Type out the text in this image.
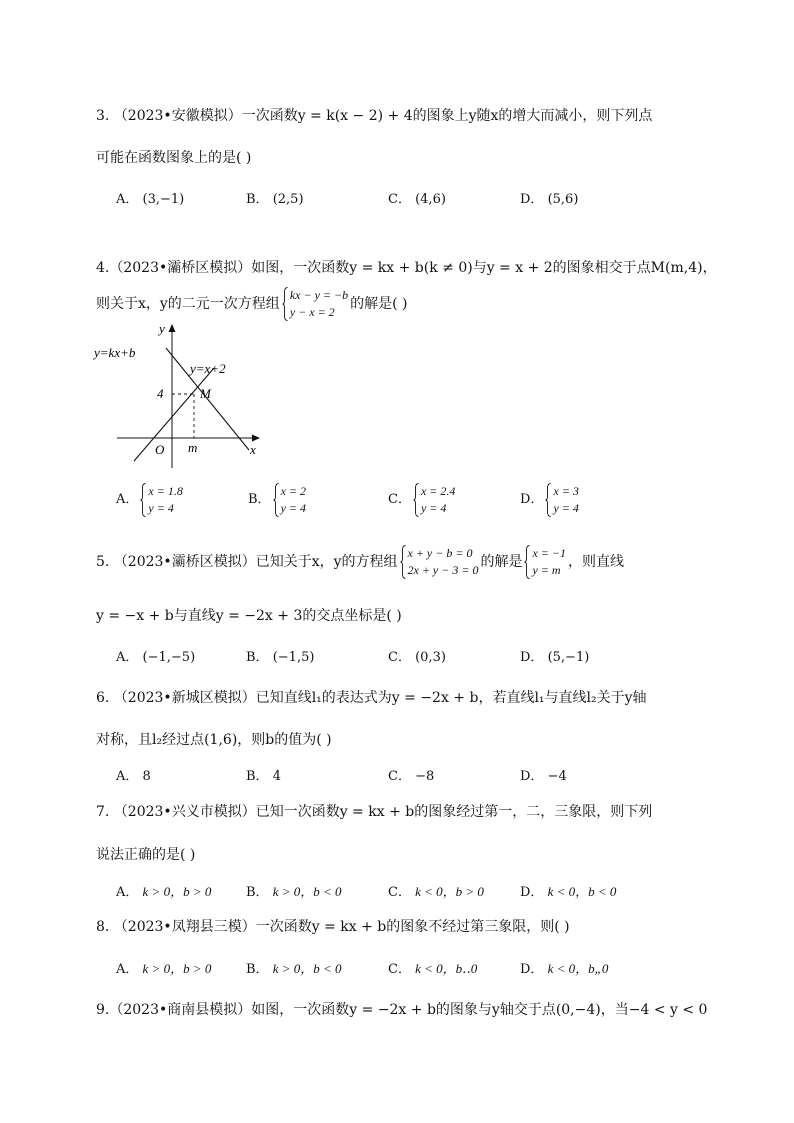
3. （2023•安徽模拟）一次函数y = k(x − 2) + 4的图象上y随x的增大而减小，则下列点
可能在函数图象上的是( )
A． (3,−1)	B． (2,5)	C． (4,6)	D． (5,6)
4.（2023•灞桥区模拟）如图，一次函数y = kx + b(k ≠ 0)与y = x + 2的图象相交于点M(m,4)，
则关于x，y的二元一次方程组
kx − y = −b
y − x = 2	的解是( )
y=kx+b
y=x+2
y
x
O
4
m
M
A．
x = 1.8
y = 4
B．
x = 2
y = 4
C．
x = 2.4
y = 4
D．
x = 3
y = 4
5. （2023•灞桥区模拟）已知关于x，y的方程组
x + y − b = 0
2x + y − 3 = 0 的解是
x = −1
y = m ，则直线
y = −x + b与直线y = −2x + 3的交点坐标是( )
A． (−1,−5)	B． (−1,5)	C． (0,3)	D． (5,−1)
6. （2023•新城区模拟）已知直线l₁的表达式为y = −2x + b，若直线l₁与直线l₂关于y轴
对称，且l₂经过点(1,6)，则b的值为( )
A． 8	B． 4	C． −8	D． −4
7. （2023•兴义市模拟）已知一次函数y = kx + b的图象经过第一，二，三象限，则下列
说法正确的是( )
A． k > 0，b > 0	B． k > 0，b < 0	C． k < 0，b > 0	D． k < 0，b < 0
8. （2023•凤翔县三模）一次函数y = kx + b的图象不经过第三象限，则( )
A． k > 0，b > 0	B． k > 0，b < 0	C． k < 0，b‥0	D． k < 0，b„0
9.（2023•商南县模拟）如图，一次函数y = −2x + b的图象与y轴交于点(0,−4)，当−4 < y < 0
